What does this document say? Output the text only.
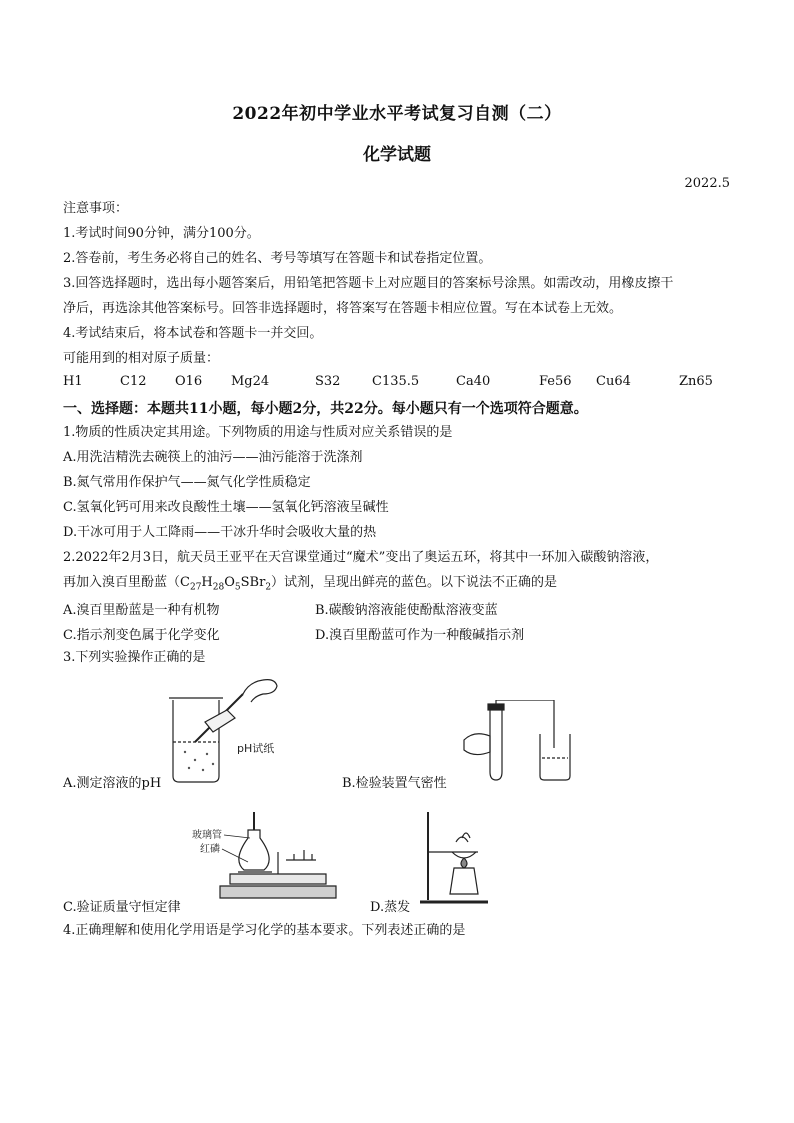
2022年初中学业水平考试复习自测（二）
化学试题
2022.5
注意事项：
1.考试时间90分钟，满分100分。
2.答卷前，考生务必将自己的姓名、考号等填写在答题卡和试卷指定位置。
3.回答选择题时，选出每小题答案后，用铅笔把答题卡上对应题目的答案标号涂黑。如需改动，用橡皮擦干
净后，再选涂其他答案标号。回答非选择题时，将答案写在答题卡相应位置。写在本试卷上无效。
4.考试结束后，将本试卷和答题卡一并交回。
可能用到的相对原子质量：
H1	C12 O16 Mg24	S32 C135.5	Ca40	Fe56 Cu64	Zn65
一、选择题：本题共11小题，每小题2分，共22分。每小题只有一个选项符合题意。
1.物质的性质决定其用途。下列物质的用途与性质对应关系错误的是
A.用洗洁精洗去碗筷上的油污——油污能溶于洗涤剂
B.氮气常用作保护气——氮气化学性质稳定
C.氢氧化钙可用来改良酸性土壤——氢氧化钙溶液呈碱性
D.干冰可用于人工降雨——干冰升华时会吸收大量的热
2.2022年2月3日，航天员王亚平在天宫课堂通过“魔术”变出了奥运五环，将其中一环加入碳酸钠溶液，
再加入溴百里酚蓝$(C_{27}H_{28}O_5SBr_2)$试剂，呈现出鲜亮的蓝色。以下说法不正确的是
A.溴百里酚蓝是一种有机物	B.碳酸钠溶液能使酚酞溶液变蓝
C.指示剂变色属于化学变化	D.溴百里酚蓝可作为一种酸碱指示剂
3.下列实验操作正确的是
pH试纸
A.测定溶液的pH	B.检验装置气密性
玻璃管
红磷
C.验证质量守恒定律	D.蒸发
4.正确理解和使用化学用语是学习化学的基本要求。下列表述正确的是
